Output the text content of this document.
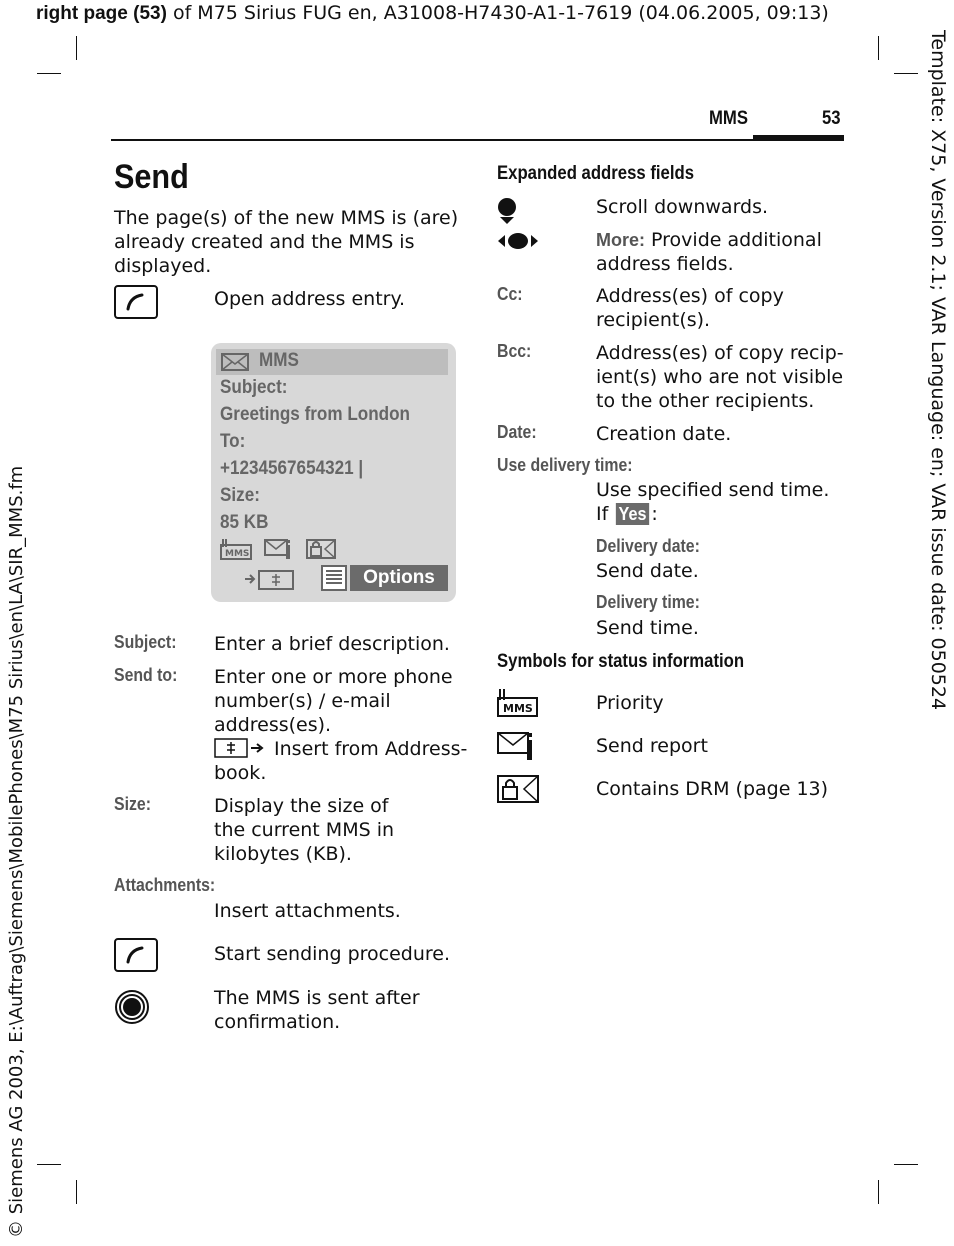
right page (53) of M75 Sirius FUG en, A31008-H7430-A1-1-7619 (04.06.2005, 09:13)
MMS	53	Template: X75, Version 2.1; VAR Language: en; VAR issue date: 050524
© Siemens AG 2003, E:\Auftrag\Siemens\MobilePhones\M75 Sirius\en\LA\SIR_MMS.fm
Send
The page(s) of the new MMS is (are)
already created and the MMS is
displayed.
Open address entry.
MMS
Subject:
Greetings from London
To:
+1234567654321 |
Size:
85 KB
MMS
Options
Subject: Enter a brief description.
Send to: Enter one or more phone
number(s) / e-mail
address(es).
Insert from Address-
book.
Size:	Display the size of
the current MMS in
kilobytes (KB).
Attachments:
Insert attachments.
Start sending procedure.
The MMS is sent after
confirmation.
Expanded address fields
Scroll downwards.
More: Provide additional
address fields.
Cc:	Address(es) of copy
recipient(s).
Bcc:	Address(es) of copy recip-
ient(s) who are not visible
to the other recipients.
Date:	Creation date.
Use delivery time:
Use specified send time.
If Yes :
Delivery date:
Send date.
Delivery time:
Send time.
Symbols for status information
MMS	Priority
Send report
Contains DRM (page 13)
